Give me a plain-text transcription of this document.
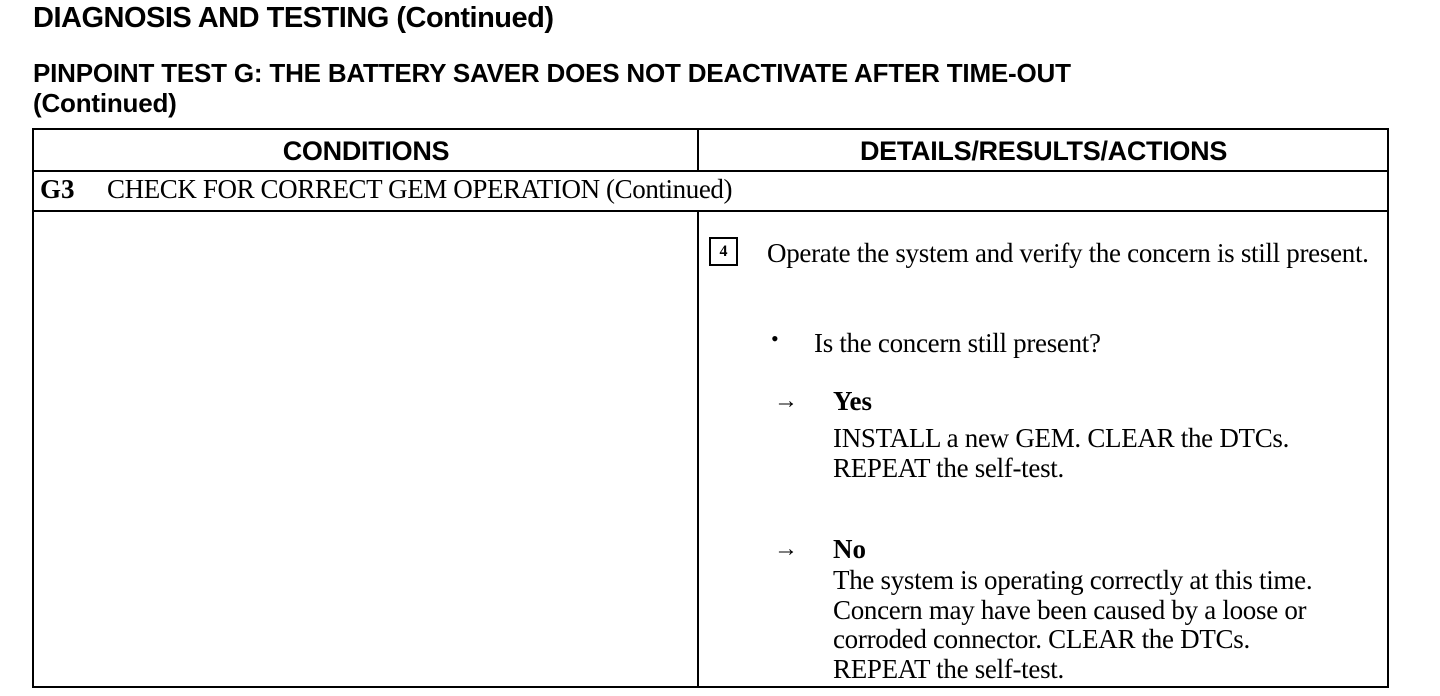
DIAGNOSIS AND TESTING (Continued)
PINPOINT TEST G: THE BATTERY SAVER DOES NOT DEACTIVATE AFTER TIME-OUT
(Continued)
CONDITIONS	DETAILS/RESULTS/ACTIONS
G3 CHECK FOR CORRECT GEM OPERATION (Continued)
4	Operate the system and verify the concern is still present.
• Is the concern still present?
→ Yes
INSTALL a new GEM. CLEAR the DTCs.
REPEAT the self-test.
→ No
The system is operating correctly at this time.
Concern may have been caused by a loose or
corroded connector. CLEAR the DTCs.
REPEAT the self-test.
